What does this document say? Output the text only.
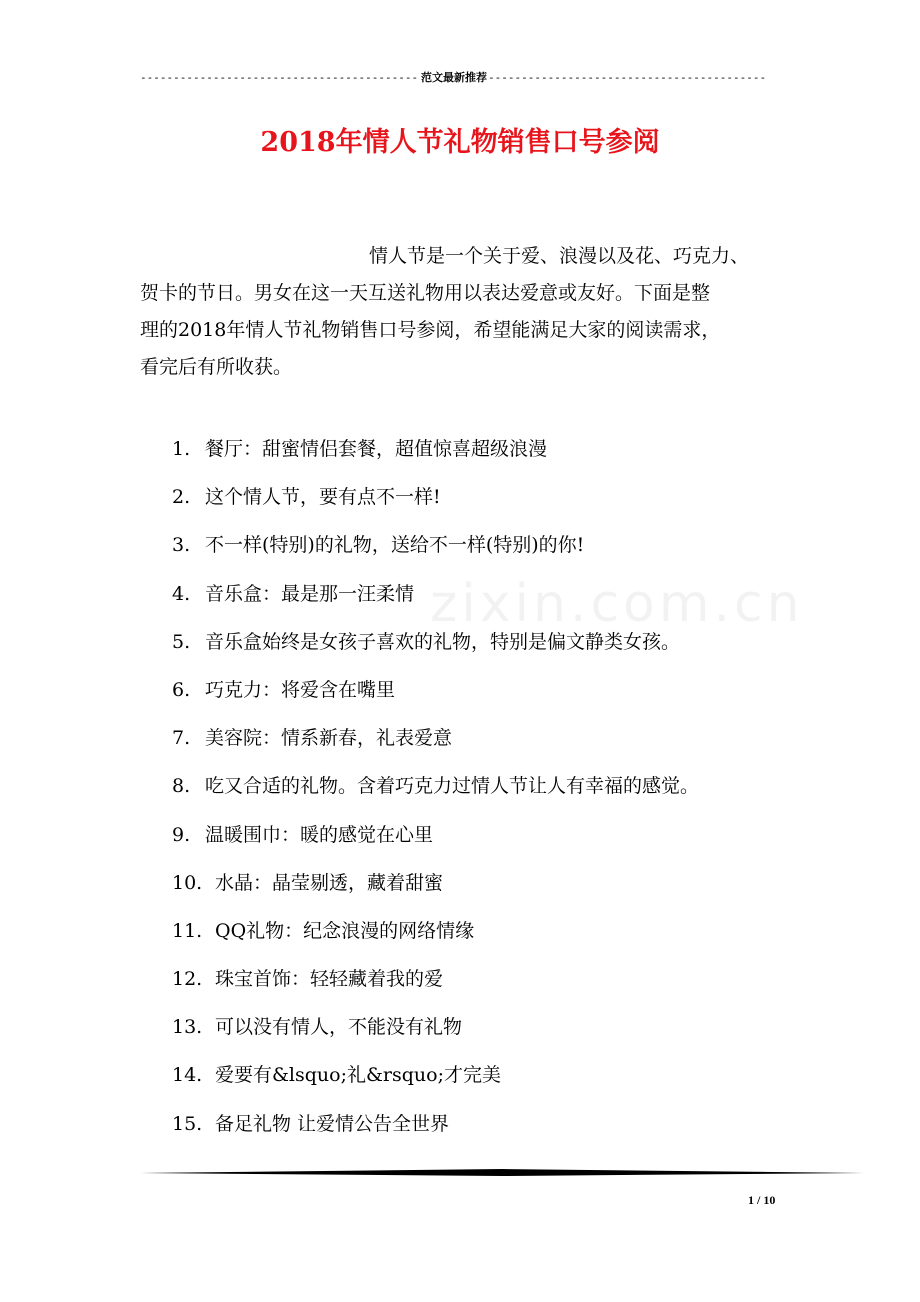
-----
范文最新推荐
-----
zixin.com.cn
2018年情人节礼物销售口号参阅
情人节是一个关于爱、浪漫以及花、巧克力、
贺卡的节日。男女在这一天互送礼物用以表达爱意或友好。下面是整
理的2018年情人节礼物销售口号参阅，希望能满足大家的阅读需求，
看完后有所收获。
1. 餐厅：甜蜜情侣套餐，超值惊喜超级浪漫
2. 这个情人节，要有点不一样!
3. 不一样(特别)的礼物，送给不一样(特别)的你!
4. 音乐盒：最是那一汪柔情
5. 音乐盒始终是女孩子喜欢的礼物，特别是偏文静类女孩。
6. 巧克力：将爱含在嘴里
7. 美容院：情系新春，礼表爱意
8. 吃又合适的礼物。含着巧克力过情人节让人有幸福的感觉。
9. 温暖围巾：暖的感觉在心里
10. 水晶：晶莹剔透，藏着甜蜜
11. QQ礼物：纪念浪漫的网络情缘
12. 珠宝首饰：轻轻藏着我的爱
13. 可以没有情人，不能没有礼物
14. 爱要有&lsquo;礼&rsquo;才完美
15. 备足礼物 让爱情公告全世界
1 / 10
